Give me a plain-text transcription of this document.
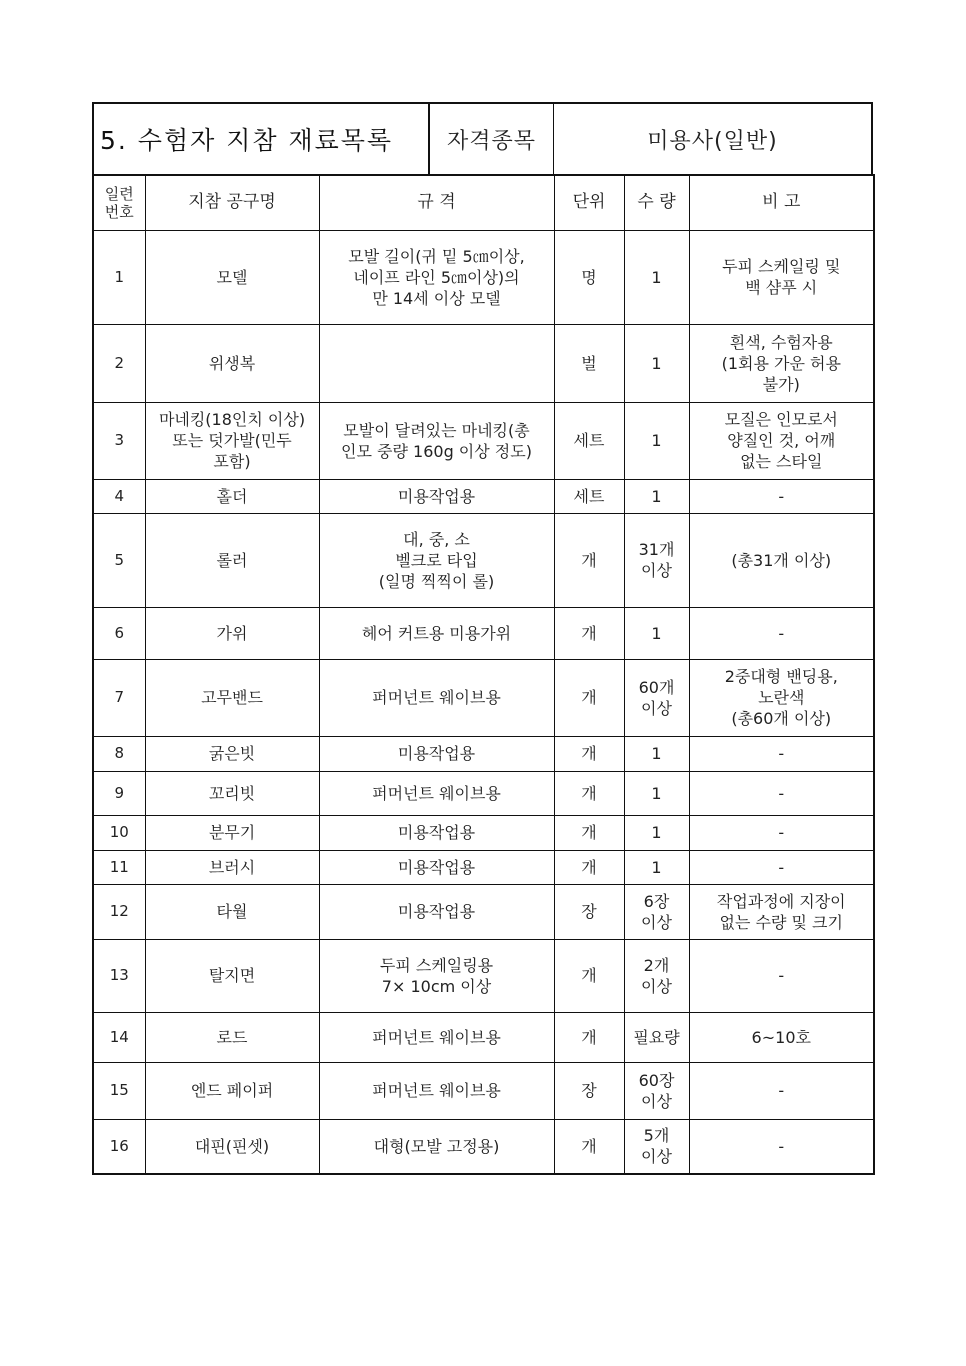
5. 수험자 지참 재료목록	자격종목	미용사(일반)
일련
번호	지참 공구명	규 격	단위	수 량	비 고
1	모델	모발 길이(귀 밑 5㎝이상,
네이프 라인 5㎝이상)의
만 14세 이상 모델	명	1	두피 스케일링 및
백 샴푸 시
2	위생복		벌	1	흰색, 수험자용
(1회용 가운 허용
불가)
3	마네킹(18인치 이상)
또는 덧가발(민두
포함)	모발이 달려있는 마네킹(총
인모 중량 160g 이상 정도)	세트	1	모질은 인모로서
양질인 것, 어깨
없는 스타일
4	홀더	미용작업용	세트	1	-
5	롤러	대, 중, 소
벨크로 타입
(일명 찍찍이 롤)	개	31개
이상	(총31개 이상)
6	가위	헤어 커트용 미용가위	개	1	-
7	고무밴드	퍼머넌트 웨이브용	개	60개
이상	2중대형 밴딩용,
노란색
(총60개 이상)
8	굵은빗	미용작업용	개	1	-
9	꼬리빗	퍼머넌트 웨이브용	개	1	-
10	분무기	미용작업용	개	1	-
11	브러시	미용작업용	개	1	-
12	타월	미용작업용	장	6장
이상	작업과정에 지장이
없는 수량 및 크기
13	탈지면	두피 스케일링용
7× 10cm 이상	개	2개
이상	-
14	로드	퍼머넌트 웨이브용	개	필요량	6~10호
15	엔드 페이퍼	퍼머넌트 웨이브용	장	60장
이상	-
16	대핀(핀셋)	대형(모발 고정용)	개	5개
이상	-
